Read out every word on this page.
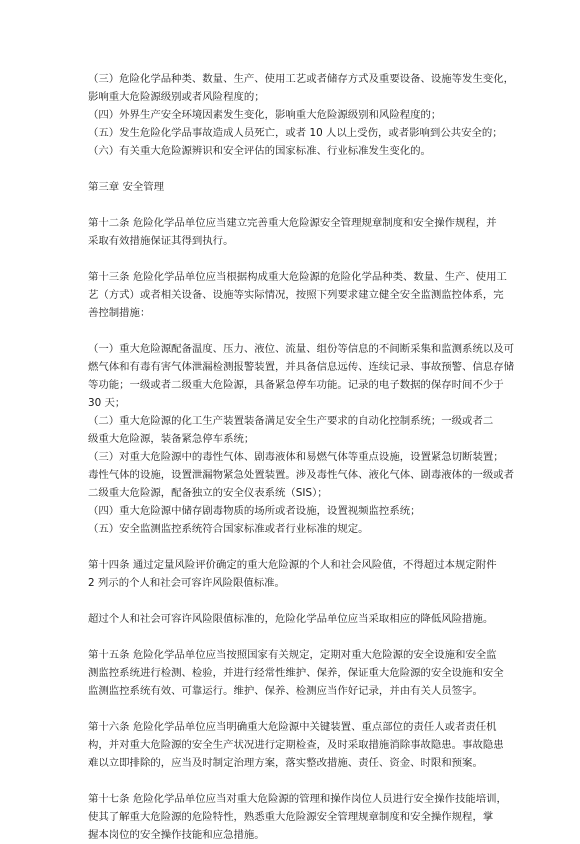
（三）危险化学品种类、数量、生产、使用工艺或者储存方式及重要设备、设施等发生变化，
影响重大危险源级别或者风险程度的；
（四）外界生产安全环境因素发生变化，影响重大危险源级别和风险程度的；
（五）发生危险化学品事故造成人员死亡，或者 10 人以上受伤，或者影响到公共安全的；
（六）有关重大危险源辨识和安全评估的国家标准、行业标准发生变化的。
第三章 安全管理
第十二条 危险化学品单位应当建立完善重大危险源安全管理规章制度和安全操作规程，并
采取有效措施保证其得到执行。
第十三条 危险化学品单位应当根据构成重大危险源的危险化学品种类、数量、生产、使用工
艺（方式）或者相关设备、设施等实际情况，按照下列要求建立健全安全监测监控体系，完
善控制措施：
（一）重大危险源配备温度、压力、液位、流量、组份等信息的不间断采集和监测系统以及可
燃气体和有毒有害气体泄漏检测报警装置，并具备信息远传、连续记录、事故预警、信息存储
等功能；一级或者二级重大危险源，具备紧急停车功能。记录的电子数据的保存时间不少于
30 天；
（二）重大危险源的化工生产装置装备满足安全生产要求的自动化控制系统；一级或者二
级重大危险源，装备紧急停车系统；
（三）对重大危险源中的毒性气体、剧毒液体和易燃气体等重点设施，设置紧急切断装置；
毒性气体的设施，设置泄漏物紧急处置装置。涉及毒性气体、液化气体、剧毒液体的一级或者
二级重大危险源，配备独立的安全仪表系统（SIS）；
（四）重大危险源中储存剧毒物质的场所或者设施，设置视频监控系统；
（五）安全监测监控系统符合国家标准或者行业标准的规定。
第十四条 通过定量风险评价确定的重大危险源的个人和社会风险值，不得超过本规定附件
2 列示的个人和社会可容许风险限值标准。
超过个人和社会可容许风险限值标准的，危险化学品单位应当采取相应的降低风险措施。
第十五条 危险化学品单位应当按照国家有关规定，定期对重大危险源的安全设施和安全监
测监控系统进行检测、检验，并进行经常性维护、保养，保证重大危险源的安全设施和安全
监测监控系统有效、可靠运行。维护、保养、检测应当作好记录，并由有关人员签字。
第十六条 危险化学品单位应当明确重大危险源中关键装置、重点部位的责任人或者责任机
构，并对重大危险源的安全生产状况进行定期检查，及时采取措施消除事故隐患。事故隐患
难以立即排除的，应当及时制定治理方案，落实整改措施、责任、资金、时限和预案。
第十七条 危险化学品单位应当对重大危险源的管理和操作岗位人员进行安全操作技能培训，
使其了解重大危险源的危险特性，熟悉重大危险源安全管理规章制度和安全操作规程，掌
握本岗位的安全操作技能和应急措施。
